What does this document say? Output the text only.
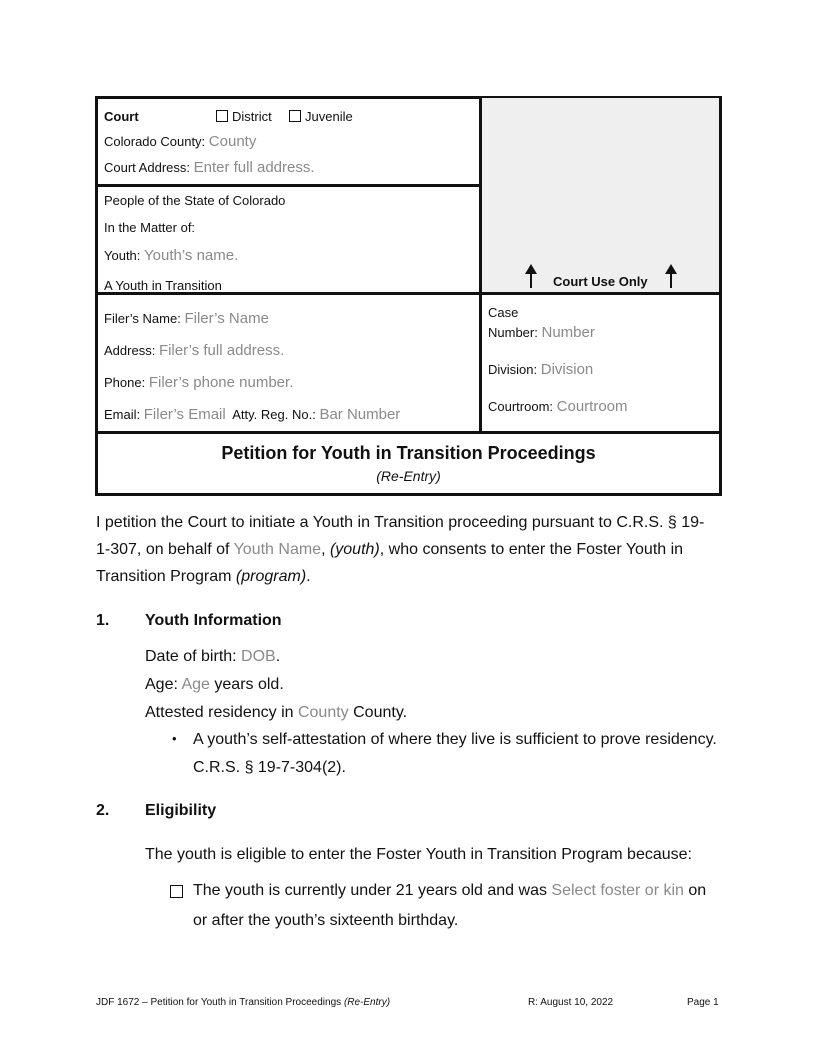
Court	District	Juvenile
Colorado County: County
Court Address: Enter full address.
People of the State of Colorado
In the Matter of:
Youth: Youth’s name.
A Youth in Transition	Court Use Only
Filer’s Name: Filer’s Name
Address: Filer’s full address.
Phone: Filer’s phone number.
Email: Filer’s Email Atty. Reg. No.: Bar Number
Case
Number: Number
Division: Division
Courtroom: Courtroom
Petition for Youth in Transition Proceedings
(Re-Entry)
I petition the Court to initiate a Youth in Transition proceeding pursuant to C.R.S. § 19-
1-307, on behalf of Youth Name, (youth), who consents to enter the Foster Youth in
Transition Program (program).
1. Youth Information
Date of birth: DOB.
Age: Age years old.
Attested residency in County County.
• A youth’s self-attestation of where they live is sufficient to prove residency.
C.R.S. § 19-7-304(2).
2. Eligibility
The youth is eligible to enter the Foster Youth in Transition Program because:
The youth is currently under 21 years old and was Select foster or kin on
or after the youth’s sixteenth birthday.
JDF 1672 – Petition for Youth in Transition Proceedings (Re-Entry)	R: August 10, 2022	Page 1
